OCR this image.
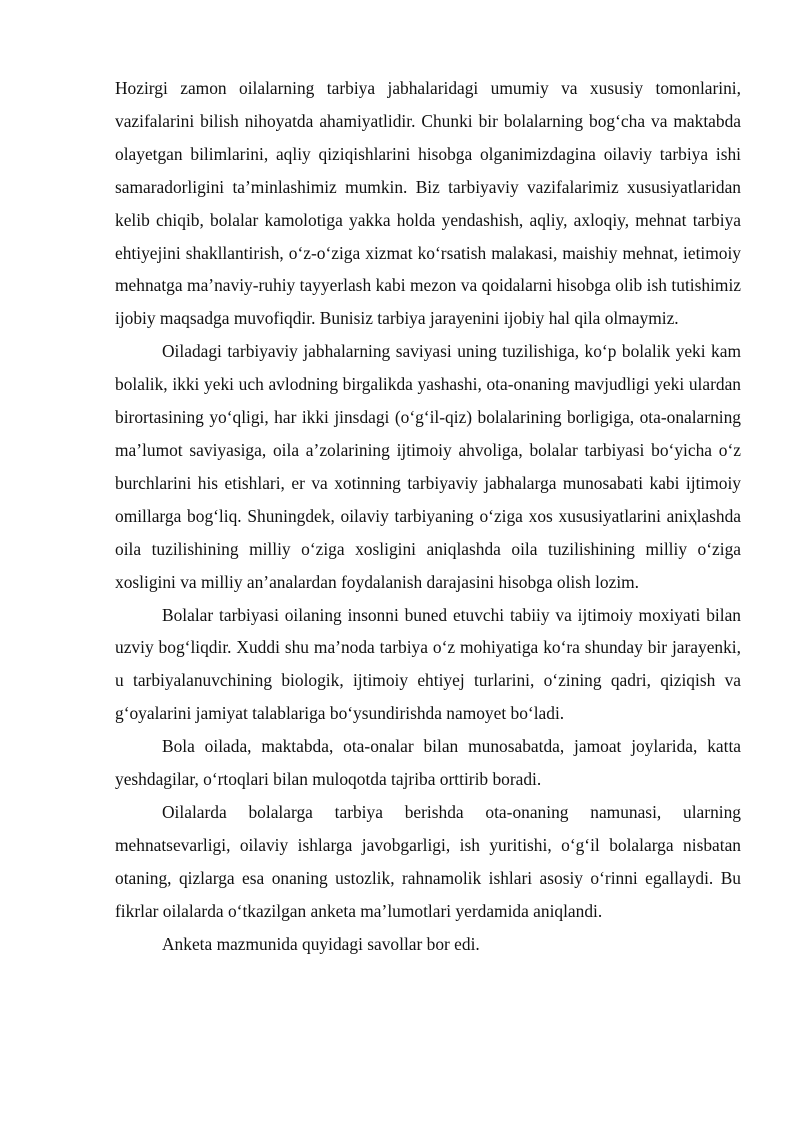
Hozirgi zamon oilalarning tarbiya jabhalaridagi umumiy va xususiy tomonlarini, vazifalarini bilish nihoyatda ahamiyatlidir. Chunki bir bolalarning bog‘cha va maktabda olayetgan bilimlarini, aqliy qiziqishlarini hisobga olganimizdagina oilaviy tarbiya ishi samaradorligini ta’minlashimiz mumkin. Biz tarbiyaviy vazifalarimiz xususiyatlaridan kelib chiqib, bolalar kamolotiga yakka holda yendashish, aqliy, axloqiy, mehnat tarbiya ehtiyejini shakllantirish, o‘z-o‘ziga xizmat ko‘rsatish malakasi, maishiy mehnat, ietimoiy mehnatga ma’naviy-ruhiy tayyerlash kabi mezon va qoidalarni hisobga olib ish tutishimiz ijobiy maqsadga muvofiqdir. Bunisiz tarbiya jarayenini ijobiy hal qila olmaymiz.

Oiladagi tarbiyaviy jabhalarning saviyasi uning tuzilishiga, ko‘p bolalik yeki kam bolalik, ikki yeki uch avlodning birgalikda yashashi, ota-onaning mavjudligi yeki ulardan birortasining yo‘qligi, har ikki jinsdagi (o‘g‘il-qiz) bolalarining borligiga, ota-onalarning ma’lumot saviyasiga, oila a’zolarining ijtimoiy ahvoliga, bolalar tarbiyasi bo‘yicha o‘z burchlarini his etishlari, er va xotinning tarbiyaviy jabhalarga munosabati kabi ijtimoiy omillarga bog‘liq. Shuningdek, oilaviy tarbiyaning o‘ziga xos xususiyatlarini aniҳlashda oila tuzilishining milliy o‘ziga xosligini aniqlashda oila tuzilishining milliy o‘ziga xosligini va milliy an’analardan foydalanish darajasini hisobga olish lozim.

Bolalar tarbiyasi oilaning insonni buned etuvchi tabiiy va ijtimoiy moxiyati bilan uzviy bog‘liqdir. Xuddi shu ma’noda tarbiya o‘z mohiyatiga ko‘ra shunday bir jarayenki, u tarbiyalanuvchining biologik, ijtimoiy ehtiyej turlarini, o‘zining qadri, qiziqish va g‘oyalarini jamiyat talablariga bo‘ysundirishda namoyet bo‘ladi.

Bola oilada, maktabda, ota-onalar bilan munosabatda, jamoat joylarida, katta yeshdagilar, o‘rtoqlari bilan muloqotda tajriba orttirib boradi.

Oilalarda bolalarga tarbiya berishda ota-onaning namunasi, ularning mehnatsevarligi, oilaviy ishlarga javobgarligi, ish yuritishi, o‘g‘il bolalarga nisbatan otaning, qizlarga esa onaning ustozlik, rahnamolik ishlari asosiy o‘rinni egallaydi. Bu fikrlar oilalarda o‘tkazilgan anketa ma’lumotlari yerdamida aniqlandi.

Anketa mazmunida quyidagi savollar bor edi.
